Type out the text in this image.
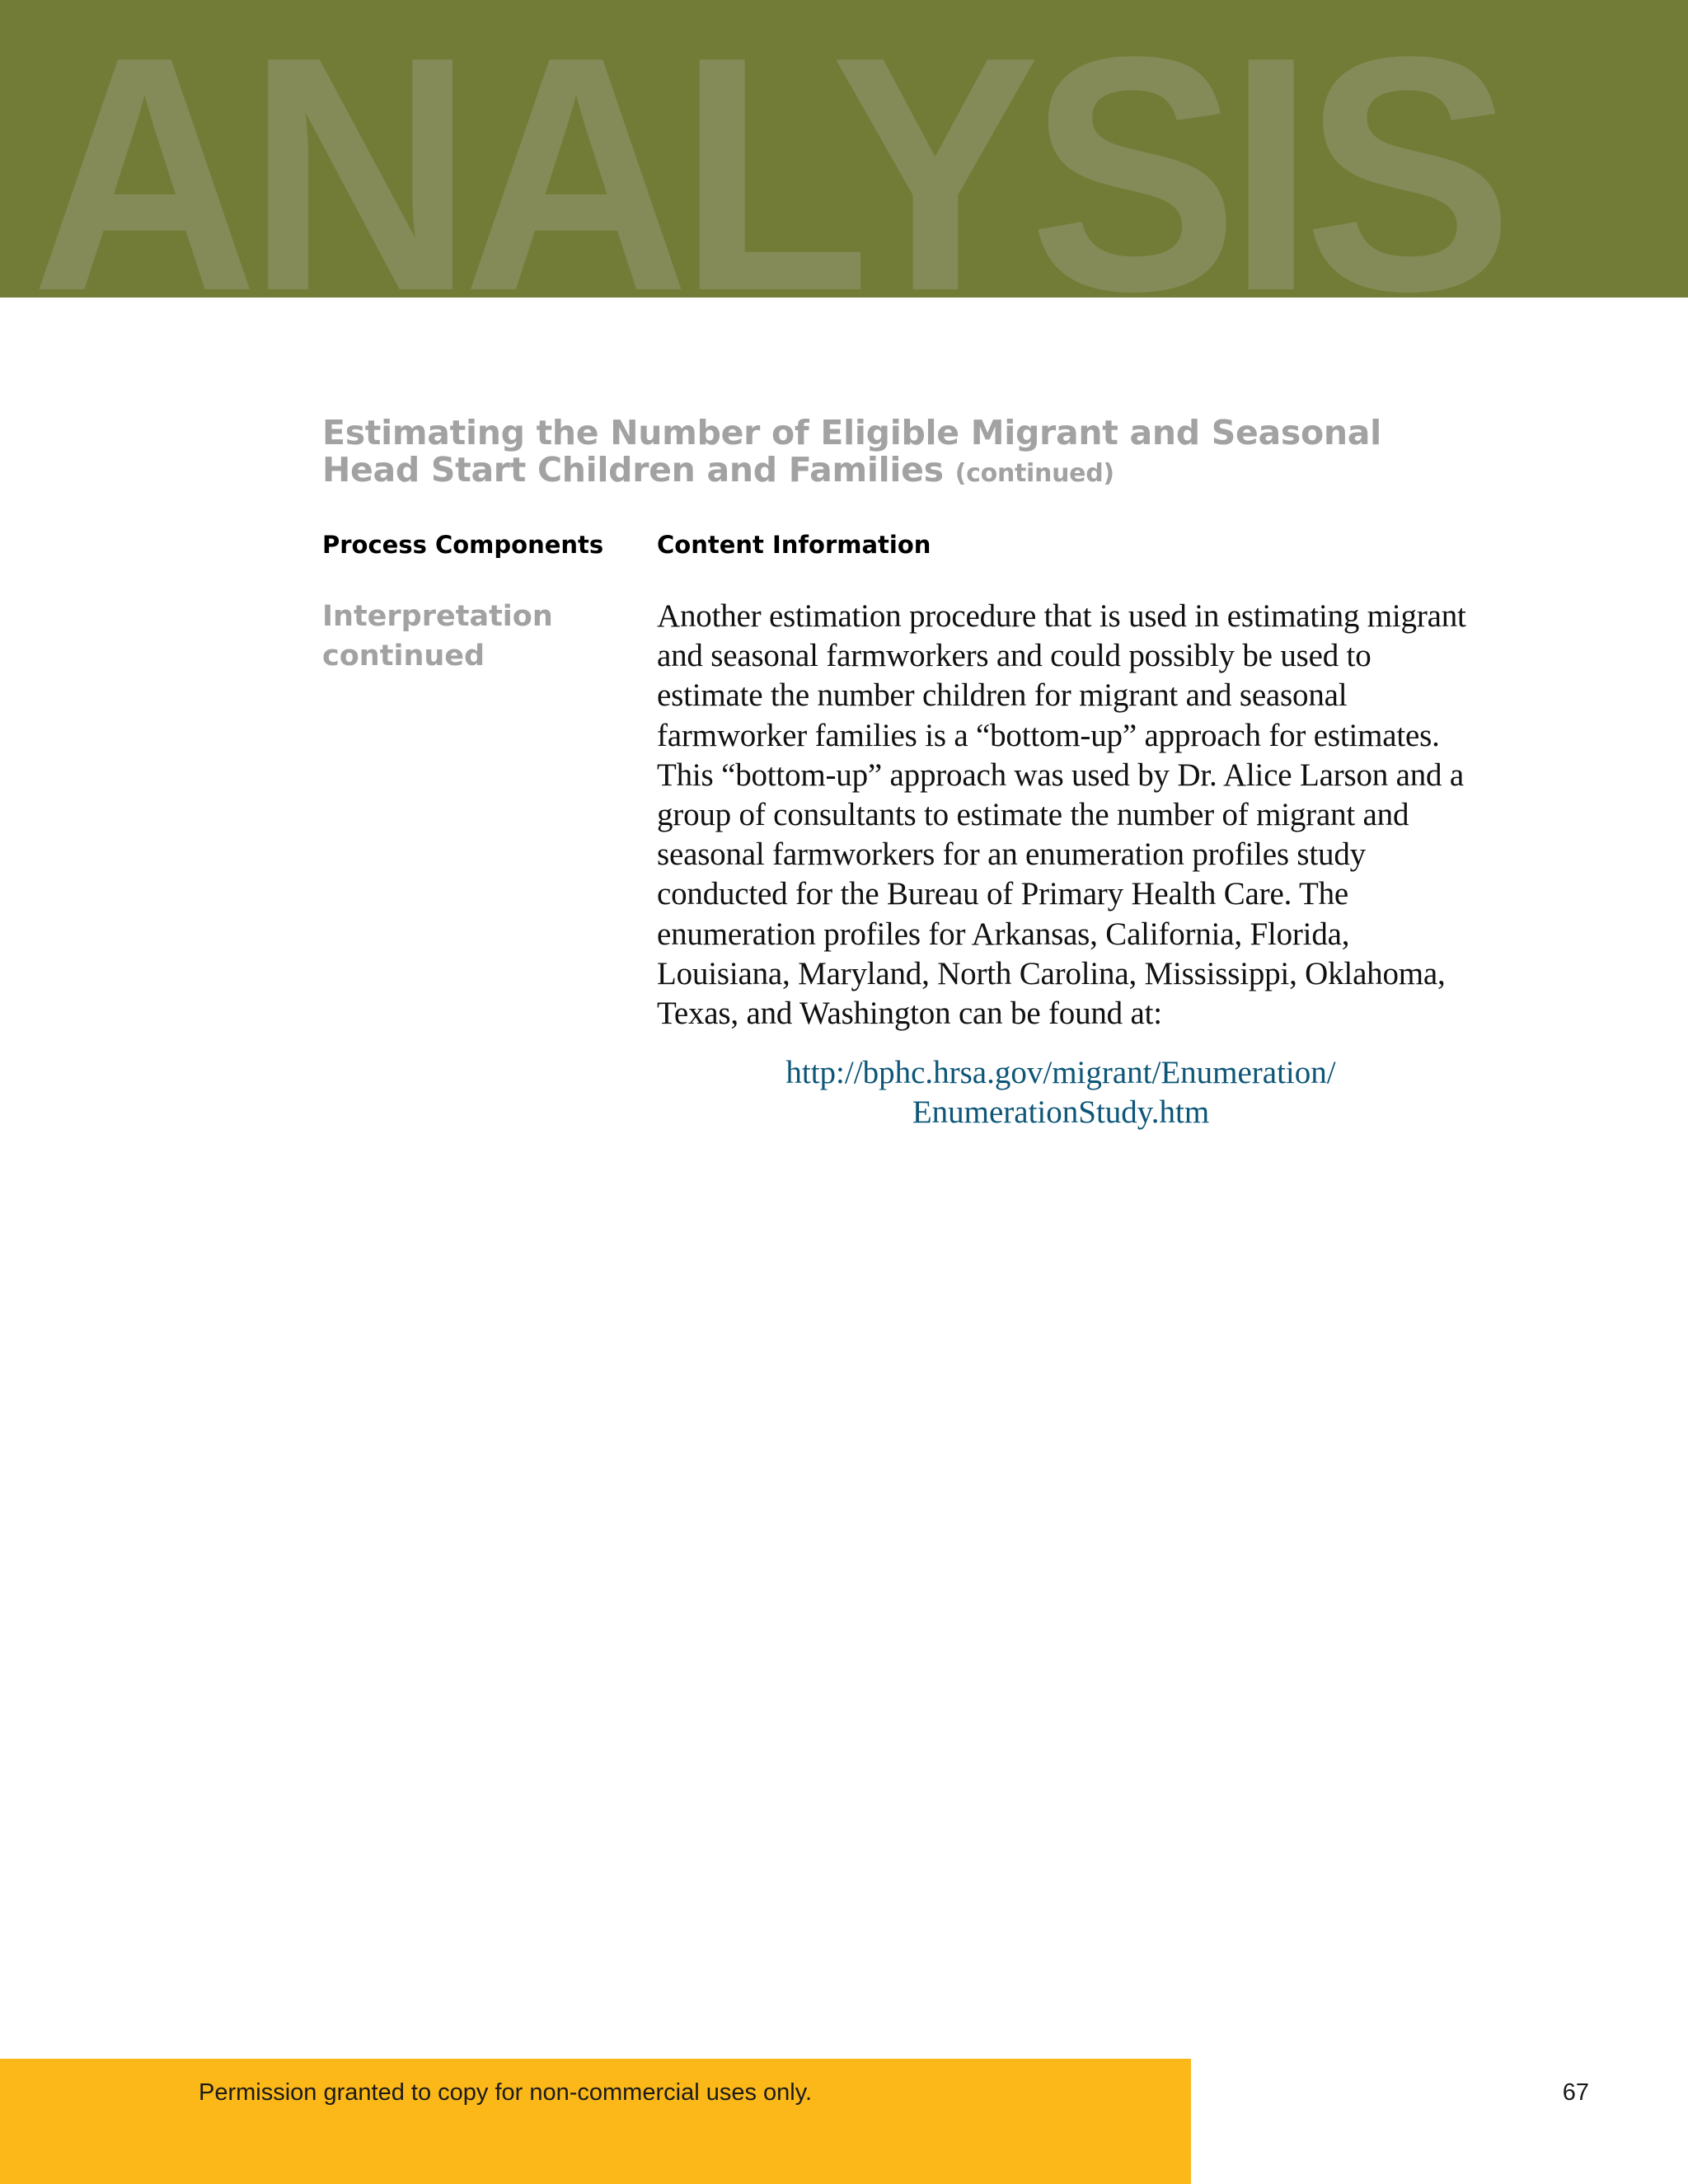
ANALYSIS
Estimating the Number of Eligible Migrant and Seasonal Head Start Children and Families (continued)
Process Components Content Information
Interpretation
continued

Another estimation procedure that is used in estimating migrant and seasonal farmworkers and could possibly be used to estimate the number children for migrant and seasonal farmworker families is a “bottom-up” approach for estimates. This “bottom-up” approach was used by Dr. Alice Larson and a group of consultants to estimate the number of migrant and seasonal farmworkers for an enumeration profiles study conducted for the Bureau of Primary Health Care. The enumeration profiles for Arkansas, California, Florida, Louisiana, Maryland, North Carolina, Mississippi, Oklahoma, Texas, and Washington can be found at:

http://bphc.hrsa.gov/migrant/Enumeration/
EnumerationStudy.htm

Permission granted to copy for non-commercial uses only.	67
